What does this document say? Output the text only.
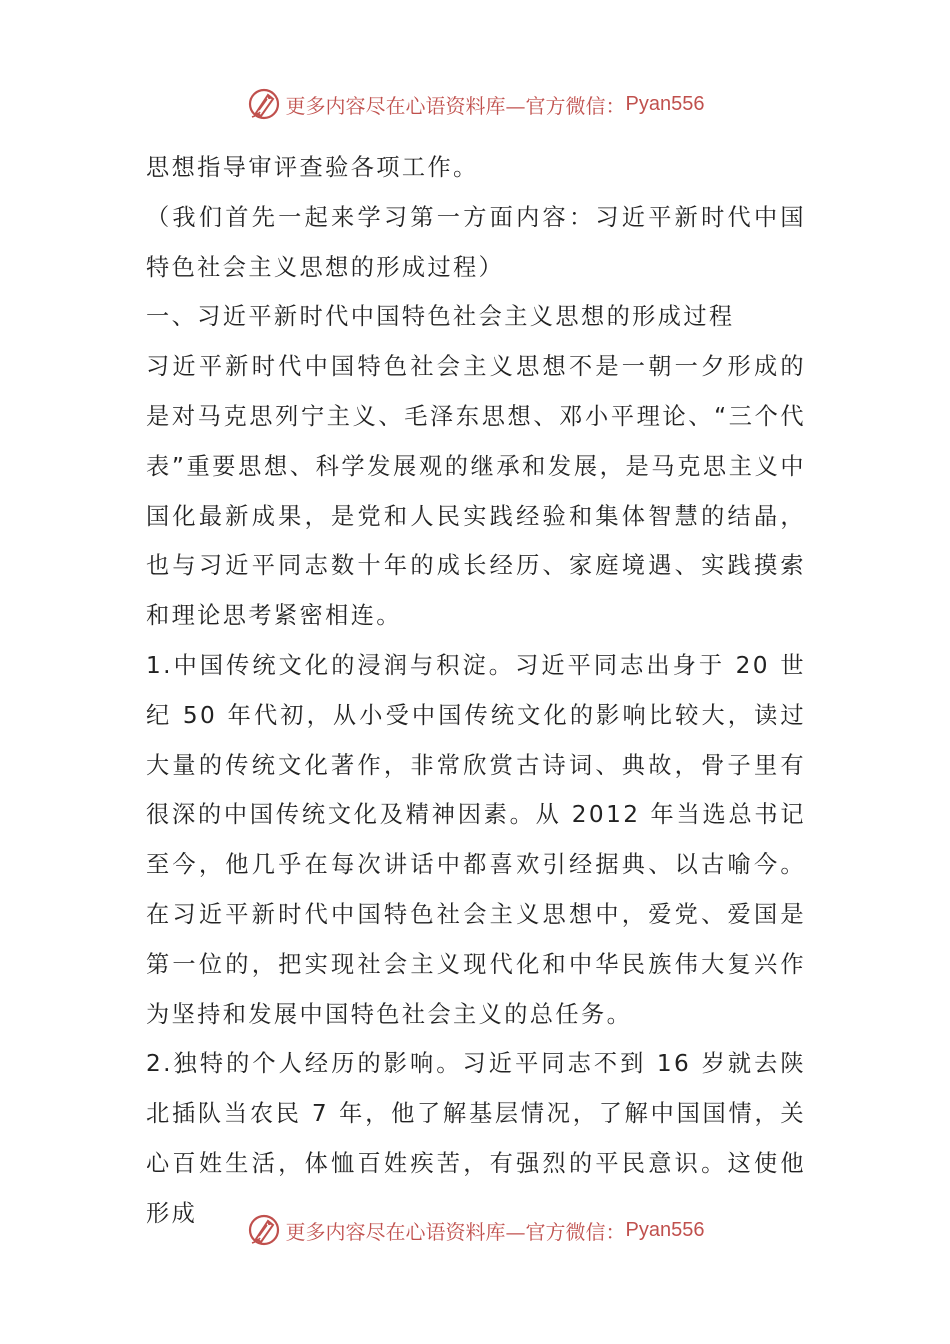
更多内容尽在心语资料库—官方微信： Pyan556

思想指导审评查验各项工作。

（我们首先一起来学习第一方面内容：习近平新时代中国特色社会主义思想的形成过程）

一、习近平新时代中国特色社会主义思想的形成过程

习近平新时代中国特色社会主义思想不是一朝一夕形成的是对马克思列宁主义、毛泽东思想、邓小平理论、“三个代表”重要思想、科学发展观的继承和发展，是马克思主义中国化最新成果，是党和人民实践经验和集体智慧的结晶，也与习近平同志数十年的成长经历、家庭境遇、实践摸索和理论思考紧密相连。

1.中国传统文化的浸润与积淀。习近平同志出身于 20 世纪 50 年代初，从小受中国传统文化的影响比较大，读过大量的传统文化著作，非常欣赏古诗词、典故，骨子里有很深的中国传统文化及精神因素。从 2012 年当选总书记至今，他几乎在每次讲话中都喜欢引经据典、以古喻今。在习近平新时代中国特色社会主义思想中，爱党、爱国是第一位的，把实现社会主义现代化和中华民族伟大复兴作为坚持和发展中国特色社会主义的总任务。

2.独特的个人经历的影响。习近平同志不到 16 岁就去陕北插队当农民 7 年，他了解基层情况，了解中国国情，关心百姓生活，体恤百姓疾苦，有强烈的平民意识。这使他形成

更多内容尽在心语资料库—官方微信： Pyan556
